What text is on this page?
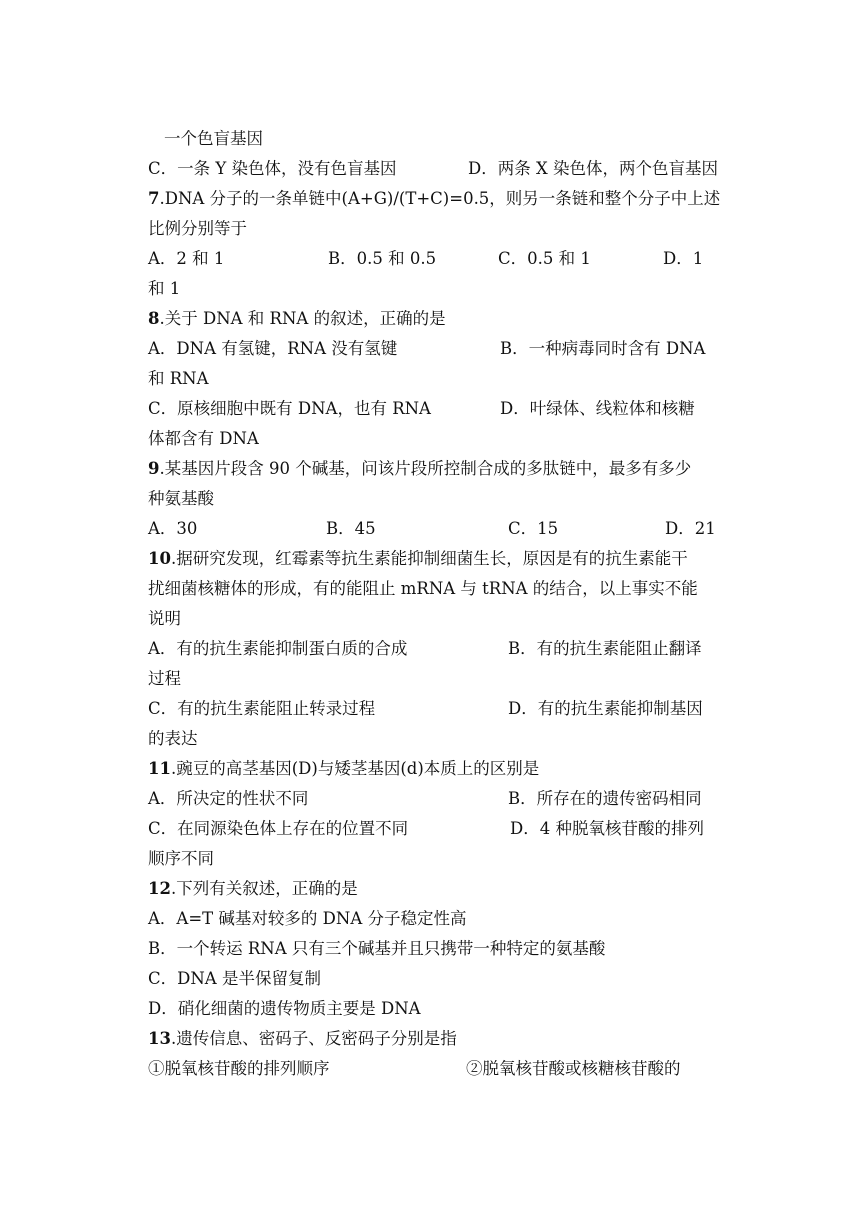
一个色盲基因
C．一条 Y 染色体，没有色盲基因	D．两条 X 染色体，两个色盲基因
7.DNA 分子的一条单链中(A+G)/(T+C)=0.5，则另一条链和整个分子中上述
比例分别等于
A．2 和 1	B．0.5 和 0.5	C．0.5 和 1	D．1
和 1
8.关于 DNA 和 RNA 的叙述，正确的是
A．DNA 有氢键，RNA 没有氢键	B．一种病毒同时含有 DNA
和 RNA
C．原核细胞中既有 DNA，也有 RNA	D．叶绿体、线粒体和核糖
体都含有 DNA
9.某基因片段含 90 个碱基，问该片段所控制合成的多肽链中，最多有多少
种氨基酸
A．30	B．45	C．15	D．21
10.据研究发现，红霉素等抗生素能抑制细菌生长，原因是有的抗生素能干
扰细菌核糖体的形成，有的能阻止 mRNA 与 tRNA 的结合，以上事实不能
说明
A．有的抗生素能抑制蛋白质的合成	B．有的抗生素能阻止翻译
过程
C．有的抗生素能阻止转录过程	D．有的抗生素能抑制基因
的表达
11.豌豆的高茎基因(D)与矮茎基因(d)本质上的区别是
A．所决定的性状不同	B．所存在的遗传密码相同
C．在同源染色体上存在的位置不同	D．4 种脱氧核苷酸的排列
顺序不同
12.下列有关叙述，正确的是
A．A=T 碱基对较多的 DNA 分子稳定性高
B．一个转运 RNA 只有三个碱基并且只携带一种特定的氨基酸
C．DNA 是半保留复制
D．硝化细菌的遗传物质主要是 DNA
13.遗传信息、密码子、反密码子分别是指
①脱氧核苷酸的排列顺序	②脱氧核苷酸或核糖核苷酸的
